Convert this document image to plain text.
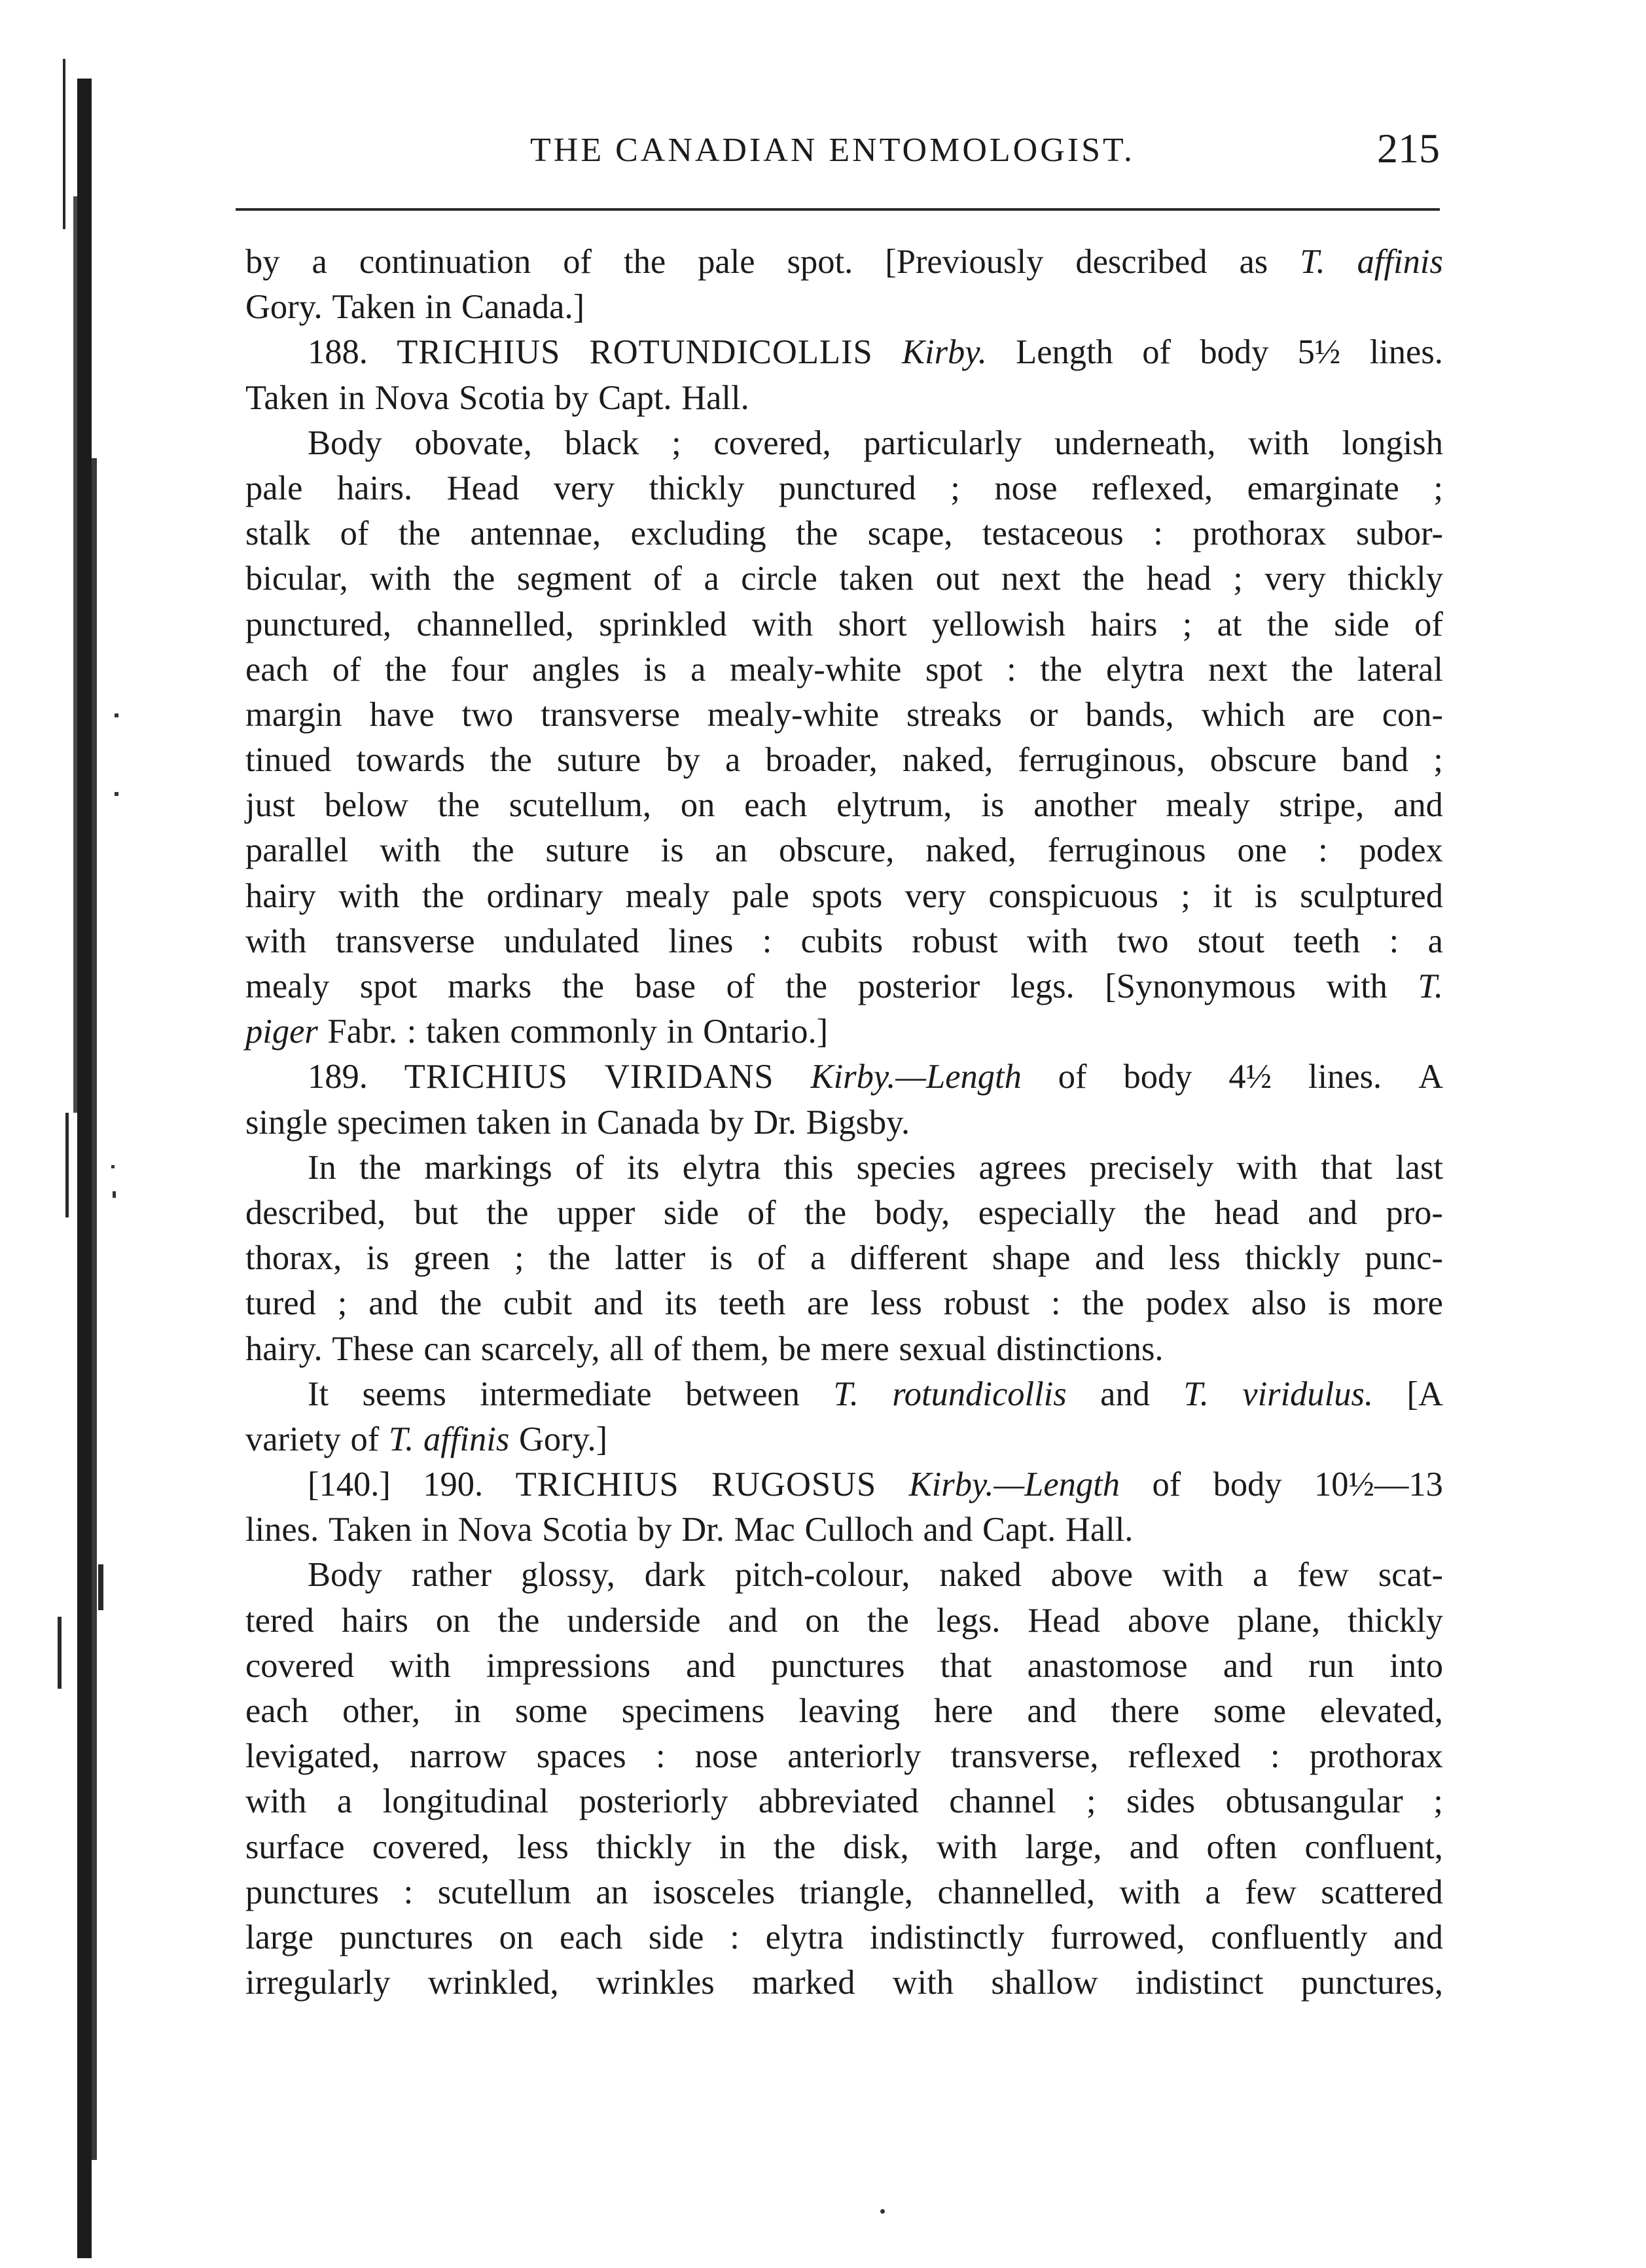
THE CANADIAN ENTOMOLOGIST.	215
by a continuation of the pale spot. [Previously described as T. affinis
Gory. Taken in Canada.]
188. TRICHIUS ROTUNDICOLLIS Kirby. Length of body 5½ lines.
Taken in Nova Scotia by Capt. Hall.
Body obovate, black ; covered, particularly underneath, with longish
pale hairs. Head very thickly punctured ; nose reflexed, emarginate ;
stalk of the antennae, excluding the scape, testaceous : prothorax subor-
bicular, with the segment of a circle taken out next the head ; very thickly
punctured, channelled, sprinkled with short yellowish hairs ; at the side of
each of the four angles is a mealy-white spot : the elytra next the lateral
margin have two transverse mealy-white streaks or bands, which are con-
tinued towards the suture by a broader, naked, ferruginous, obscure band ;
just below the scutellum, on each elytrum, is another mealy stripe, and
parallel with the suture is an obscure, naked, ferruginous one : podex
hairy with the ordinary mealy pale spots very conspicuous ; it is sculptured
with transverse undulated lines : cubits robust with two stout teeth : a
mealy spot marks the base of the posterior legs. [Synonymous with T.
piger Fabr. : taken commonly in Ontario.]
189. TRICHIUS VIRIDANS Kirby.—Length of body 4½ lines. A
single specimen taken in Canada by Dr. Bigsby.
In the markings of its elytra this species agrees precisely with that last
described, but the upper side of the body, especially the head and pro-
thorax, is green ; the latter is of a different shape and less thickly punc-
tured ; and the cubit and its teeth are less robust : the podex also is more
hairy. These can scarcely, all of them, be mere sexual distinctions.
It seems intermediate between T. rotundicollis and T. viridulus. [A
variety of T. affinis Gory.]
[140.] 190. TRICHIUS RUGOSUS Kirby.—Length of body 10½—13
lines. Taken in Nova Scotia by Dr. Mac Culloch and Capt. Hall.
Body rather glossy, dark pitch-colour, naked above with a few scat-
tered hairs on the underside and on the legs. Head above plane, thickly
covered with impressions and punctures that anastomose and run into
each other, in some specimens leaving here and there some elevated,
levigated, narrow spaces : nose anteriorly transverse, reflexed : prothorax
with a longitudinal posteriorly abbreviated channel ; sides obtusangular ;
surface covered, less thickly in the disk, with large, and often confluent,
punctures : scutellum an isosceles triangle, channelled, with a few scattered
large punctures on each side : elytra indistinctly furrowed, confluently and
irregularly wrinkled, wrinkles marked with shallow indistinct punctures,
